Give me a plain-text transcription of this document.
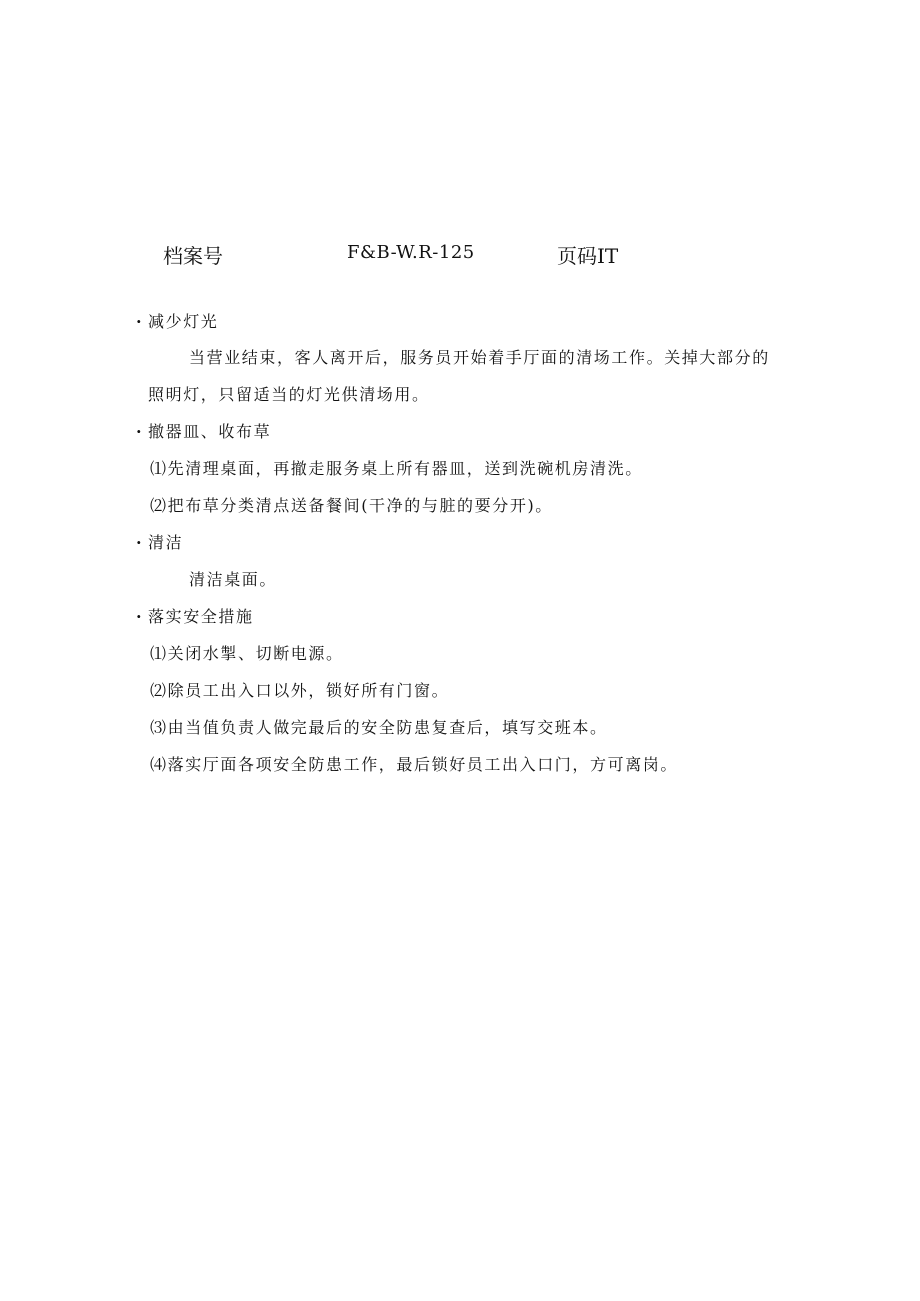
档案号	F&B-W.R-125	页码IT
· 减少灯光
当营业结束，客人离开后，服务员开始着手厅面的清场工作。关掉大部分的
照明灯，只留适当的灯光供清场用。
· 撤器皿、收布草
⑴先清理桌面，再撤走服务桌上所有器皿，送到洗碗机房清洗。
⑵把布草分类清点送备餐间(干净的与脏的要分开)。
· 清洁
清洁桌面。
· 落实安全措施
⑴关闭水掣、切断电源。
⑵除员工出入口以外，锁好所有门窗。
⑶由当值负责人做完最后的安全防患复查后，填写交班本。
⑷落实厅面各项安全防患工作，最后锁好员工出入口门，方可离岗。
